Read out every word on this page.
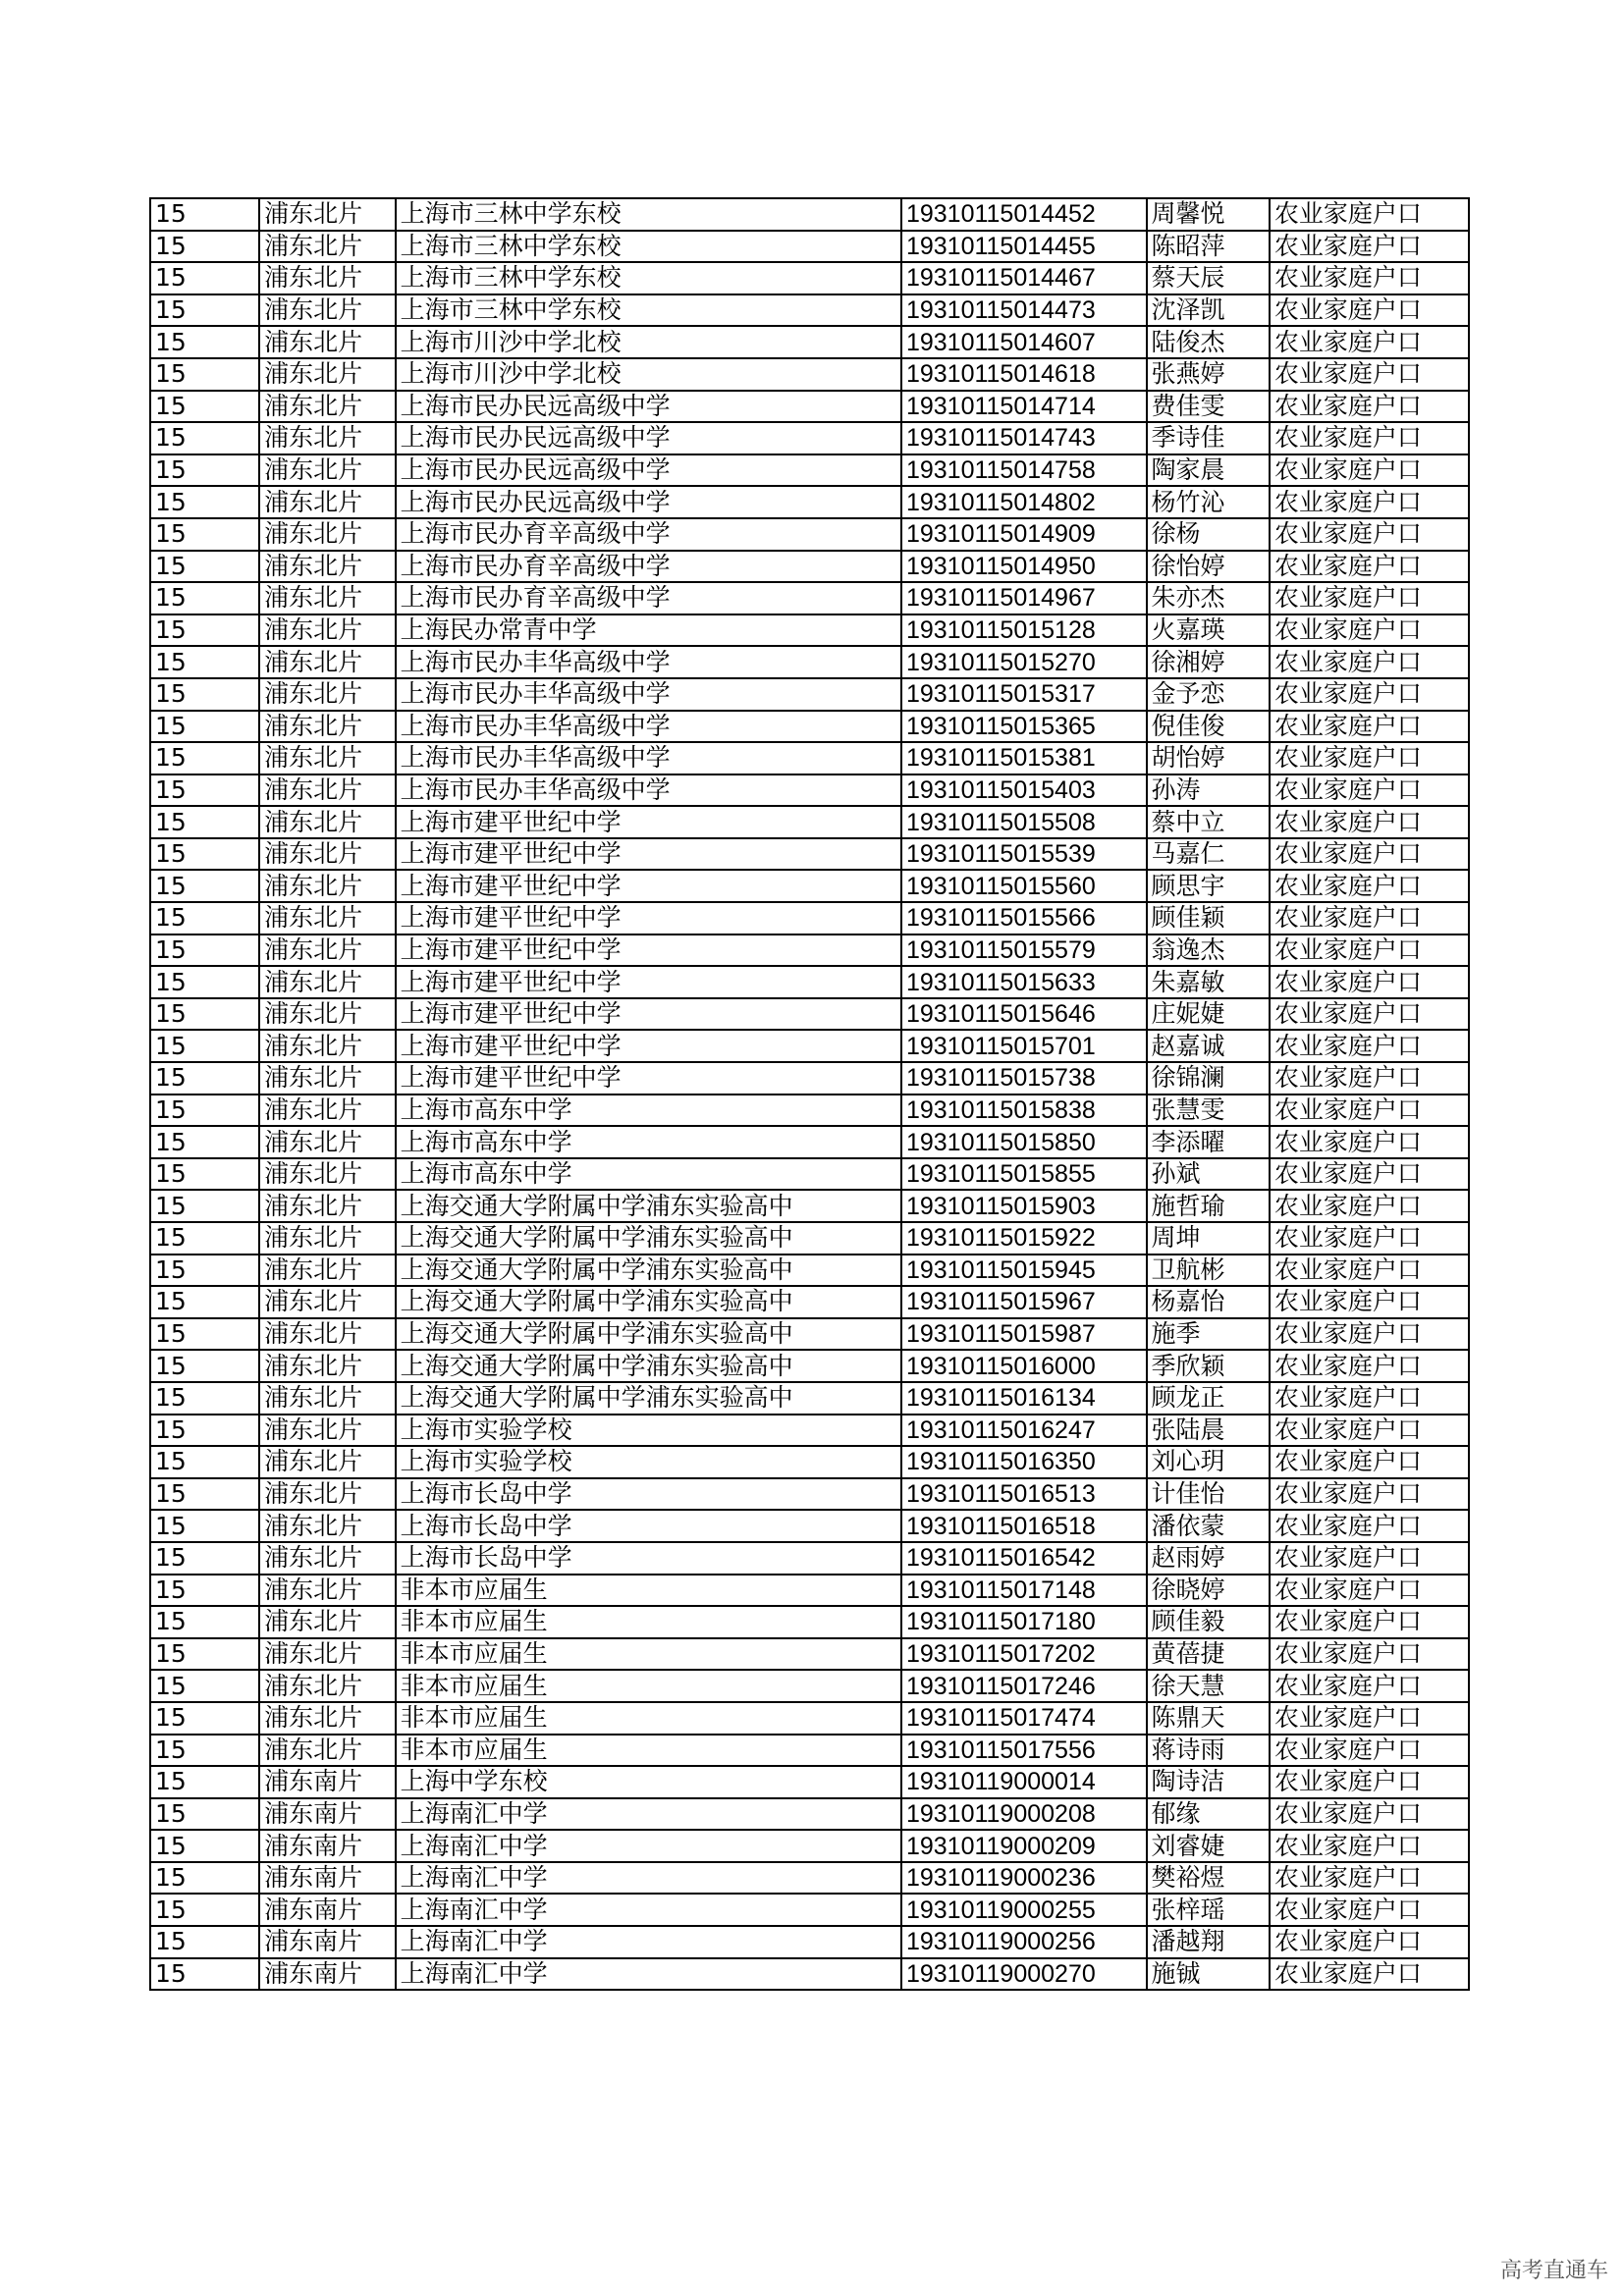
15	浦东北片	上海市三林中学东校	19310115014452	周馨悦	农业家庭户口
15	浦东北片	上海市三林中学东校	19310115014455	陈昭萍	农业家庭户口
15	浦东北片	上海市三林中学东校	19310115014467	蔡天辰	农业家庭户口
15	浦东北片	上海市三林中学东校	19310115014473	沈泽凯	农业家庭户口
15	浦东北片	上海市川沙中学北校	19310115014607	陆俊杰	农业家庭户口
15	浦东北片	上海市川沙中学北校	19310115014618	张燕婷	农业家庭户口
15	浦东北片	上海市民办民远高级中学	19310115014714	费佳雯	农业家庭户口
15	浦东北片	上海市民办民远高级中学	19310115014743	季诗佳	农业家庭户口
15	浦东北片	上海市民办民远高级中学	19310115014758	陶家晨	农业家庭户口
15	浦东北片	上海市民办民远高级中学	19310115014802	杨竹沁	农业家庭户口
15	浦东北片	上海市民办育辛高级中学	19310115014909	徐杨	农业家庭户口
15	浦东北片	上海市民办育辛高级中学	19310115014950	徐怡婷	农业家庭户口
15	浦东北片	上海市民办育辛高级中学	19310115014967	朱亦杰	农业家庭户口
15	浦东北片	上海民办常青中学	19310115015128	火嘉瑛	农业家庭户口
15	浦东北片	上海市民办丰华高级中学	19310115015270	徐湘婷	农业家庭户口
15	浦东北片	上海市民办丰华高级中学	19310115015317	金予恋	农业家庭户口
15	浦东北片	上海市民办丰华高级中学	19310115015365	倪佳俊	农业家庭户口
15	浦东北片	上海市民办丰华高级中学	19310115015381	胡怡婷	农业家庭户口
15	浦东北片	上海市民办丰华高级中学	19310115015403	孙涛	农业家庭户口
15	浦东北片	上海市建平世纪中学	19310115015508	蔡中立	农业家庭户口
15	浦东北片	上海市建平世纪中学	19310115015539	马嘉仁	农业家庭户口
15	浦东北片	上海市建平世纪中学	19310115015560	顾思宇	农业家庭户口
15	浦东北片	上海市建平世纪中学	19310115015566	顾佳颖	农业家庭户口
15	浦东北片	上海市建平世纪中学	19310115015579	翁逸杰	农业家庭户口
15	浦东北片	上海市建平世纪中学	19310115015633	朱嘉敏	农业家庭户口
15	浦东北片	上海市建平世纪中学	19310115015646	庄妮婕	农业家庭户口
15	浦东北片	上海市建平世纪中学	19310115015701	赵嘉诚	农业家庭户口
15	浦东北片	上海市建平世纪中学	19310115015738	徐锦澜	农业家庭户口
15	浦东北片	上海市高东中学	19310115015838	张慧雯	农业家庭户口
15	浦东北片	上海市高东中学	19310115015850	李添曜	农业家庭户口
15	浦东北片	上海市高东中学	19310115015855	孙斌	农业家庭户口
15	浦东北片	上海交通大学附属中学浦东实验高中	19310115015903	施哲瑜	农业家庭户口
15	浦东北片	上海交通大学附属中学浦东实验高中	19310115015922	周坤	农业家庭户口
15	浦东北片	上海交通大学附属中学浦东实验高中	19310115015945	卫航彬	农业家庭户口
15	浦东北片	上海交通大学附属中学浦东实验高中	19310115015967	杨嘉怡	农业家庭户口
15	浦东北片	上海交通大学附属中学浦东实验高中	19310115015987	施季	农业家庭户口
15	浦东北片	上海交通大学附属中学浦东实验高中	19310115016000	季欣颖	农业家庭户口
15	浦东北片	上海交通大学附属中学浦东实验高中	19310115016134	顾龙正	农业家庭户口
15	浦东北片	上海市实验学校	19310115016247	张陆晨	农业家庭户口
15	浦东北片	上海市实验学校	19310115016350	刘心玥	农业家庭户口
15	浦东北片	上海市长岛中学	19310115016513	计佳怡	农业家庭户口
15	浦东北片	上海市长岛中学	19310115016518	潘依蒙	农业家庭户口
15	浦东北片	上海市长岛中学	19310115016542	赵雨婷	农业家庭户口
15	浦东北片	非本市应届生	19310115017148	徐晓婷	农业家庭户口
15	浦东北片	非本市应届生	19310115017180	顾佳毅	农业家庭户口
15	浦东北片	非本市应届生	19310115017202	黄蓓捷	农业家庭户口
15	浦东北片	非本市应届生	19310115017246	徐天慧	农业家庭户口
15	浦东北片	非本市应届生	19310115017474	陈鼎天	农业家庭户口
15	浦东北片	非本市应届生	19310115017556	蒋诗雨	农业家庭户口
15	浦东南片	上海中学东校	19310119000014	陶诗洁	农业家庭户口
15	浦东南片	上海南汇中学	19310119000208	郁缘	农业家庭户口
15	浦东南片	上海南汇中学	19310119000209	刘睿婕	农业家庭户口
15	浦东南片	上海南汇中学	19310119000236	樊裕煜	农业家庭户口
15	浦东南片	上海南汇中学	19310119000255	张梓瑶	农业家庭户口
15	浦东南片	上海南汇中学	19310119000256	潘越翔	农业家庭户口
15	浦东南片	上海南汇中学	19310119000270	施铖	农业家庭户口
高考直通车
